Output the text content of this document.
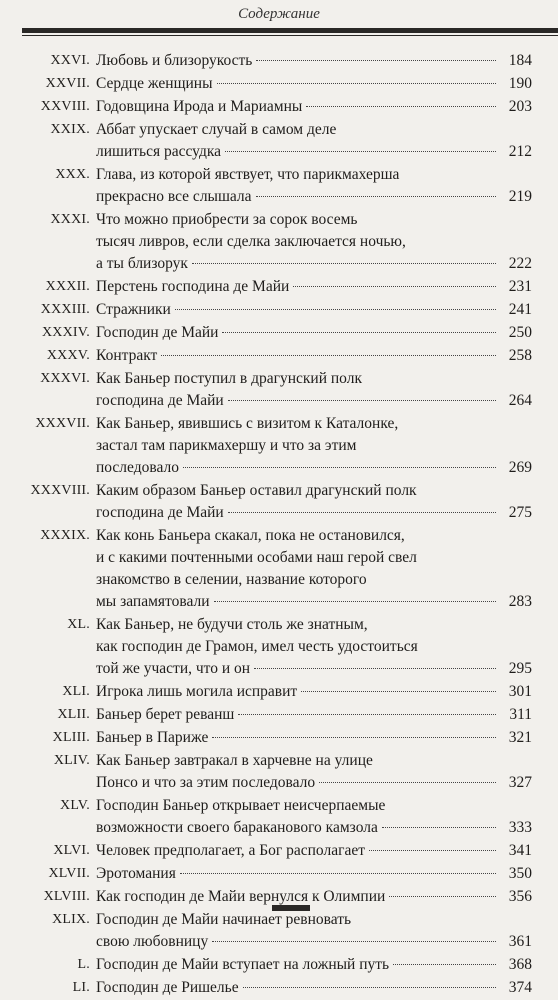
Содержание
XXVI. Любовь и близорукость	184
XXVII. Сердце женщины	190
XXVIII. Годовщина Ирода и Мариамны	203
XXIX. Аббат упускает случай в самом деле
лишиться рассудка	212
XXX. Глава, из которой явствует, что парикмахерша
прекрасно все слышала	219
XXXI. Что можно приобрести за сорок восемь
тысяч ливров, если сделка заключается ночью,
а ты близорук	222
XXXII. Перстень господина де Майи	231
XXXIII. Стражники	241
XXXIV. Господин де Майи	250
XXXV. Контракт	258
XXXVI. Как Баньер поступил в драгунский полк
господина де Майи	264
XXXVII. Как Баньер, явившись с визитом к Каталонке,
застал там парикмахершу и что за этим
последовало	269
XXXVIII. Каким образом Баньер оставил драгунский полк
господина де Майи	275
XXXIX. Как конь Баньера скакал, пока не остановился,
и с какими почтенными особами наш герой свел
знакомство в селении, название которого
мы запамятовали	283
XL. Как Баньер, не будучи столь же знатным,
как господин де Грамон, имел честь удостоиться
той же участи, что и он	295
XLI. Игрока лишь могила исправит	301
XLII. Баньер берет реванш	311
XLIII. Баньер в Париже	321
XLIV. Как Баньер завтракал в харчевне на улице
Понсо и что за этим последовало	327
XLV. Господин Баньер открывает неисчерпаемые
возможности своего бараканового камзола	333
XLVI. Человек предполагает, а Бог располагает	341
XLVII. Эротомания	350
XLVIII. Как господин де Майи вернулся к Олимпии	356
XLIX. Господин де Майи начинает ревновать
свою любовницу	361
L. Господин де Майи вступает на ложный путь	368
LI. Господин де Ришелье	374
